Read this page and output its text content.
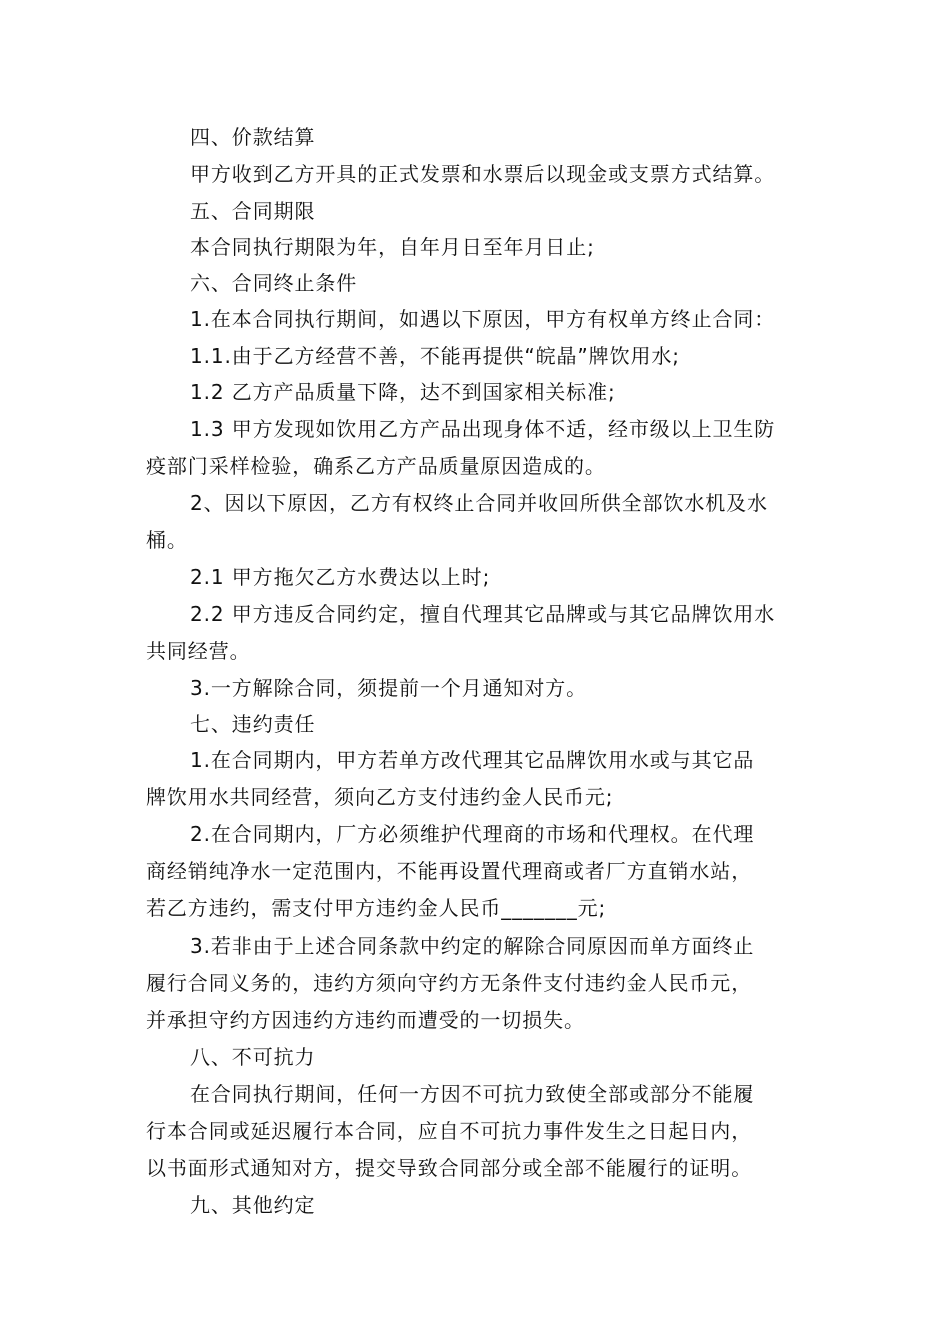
四、价款结算

甲方收到乙方开具的正式发票和水票后以现金或支票方式结算。

五、合同期限

本合同执行期限为年，自年月日至年月日止;

六、合同终止条件

1.在本合同执行期间，如遇以下原因，甲方有权单方终止合同：

1.1.由于乙方经营不善，不能再提供“皖晶”牌饮用水;

1.2 乙方产品质量下降，达不到国家相关标准;

1.3 甲方发现如饮用乙方产品出现身体不适，经市级以上卫生防

疫部门采样检验，确系乙方产品质量原因造成的。

2、因以下原因，乙方有权终止合同并收回所供全部饮水机及水

桶。

2.1 甲方拖欠乙方水费达以上时;

2.2 甲方违反合同约定，擅自代理其它品牌或与其它品牌饮用水

共同经营。

3.一方解除合同，须提前一个月通知对方。

七、违约责任

1.在合同期内，甲方若单方改代理其它品牌饮用水或与其它品

牌饮用水共同经营，须向乙方支付违约金人民币元;

2.在合同期内，厂方必须维护代理商的市场和代理权。在代理

商经销纯净水一定范围内，不能再设置代理商或者厂方直销水站，

若乙方违约，需支付甲方违约金人民币_______元;

3.若非由于上述合同条款中约定的解除合同原因而单方面终止

履行合同义务的，违约方须向守约方无条件支付违约金人民币元，

并承担守约方因违约方违约而遭受的一切损失。

八、不可抗力

在合同执行期间，任何一方因不可抗力致使全部或部分不能履

行本合同或延迟履行本合同，应自不可抗力事件发生之日起日内，

以书面形式通知对方，提交导致合同部分或全部不能履行的证明。

九、其他约定
